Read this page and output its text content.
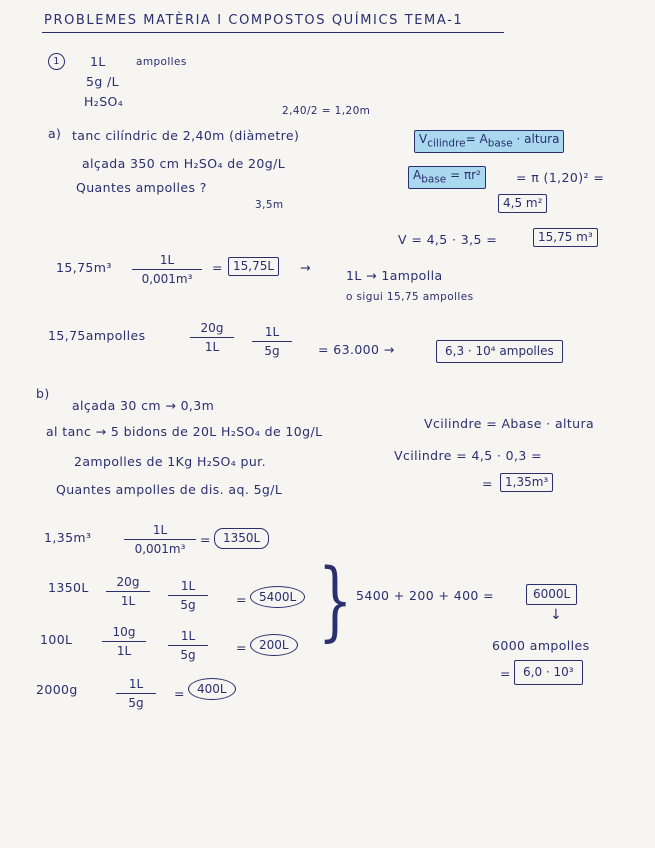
PROBLEMES MATÈRIA I COMPOSTOS QUÍMICS TEMA-1
1	1L	ampolles
5g /L
H₂SO₄
2,40/2 = 1,20m
a) tanc cilíndric de 2,40m (diàmetre)
alçada 350 cm H₂SO₄ de 20g/L
Quantes ampolles ?
3,5m
$V_{cilindre}= A_{base}$ · altura
$A_{base} = \pi r^2$	= π (1,20)² =
4,5 m²
V = 4,5 · 3,5 =	15,75 m³
$15,75m^3 \frac{1L}{\text{0,001m³}} = 15,75L$	→
1L → 1ampolla
o sigui 15,75 ampolles
15,75ampolles	$\frac{20g}{1L} \frac{1L}{5g} = 63.000$ →	6,3 · 10⁴ ampolles
b)
alçada 30 cm → 0,3m
al tanc → 5 bidons de 20L H₂SO₄ de 10g/L
2ampolles de 1Kg H₂SO₄ pur.
Quantes ampolles de dis. aq. 5g/L
Vcilindre = Abase · altura
Vcilindre = 4,5 · 0,3 =
=	1,35m³
1,35m³	$\frac{1L}{\text{0,001m³}}$ =	1350L
$1350L \frac{20g}{1L} \frac{1L}{5g}$ =	5400L }
$100L \frac{10g}{1L} \frac{1L}{5g}$ =	200L
2000g	$\frac{1L}{5g}$ =	400L
5400 + 200 + 400 =	6000L
↓
6000 ampolles
=	6,0 · 10³
